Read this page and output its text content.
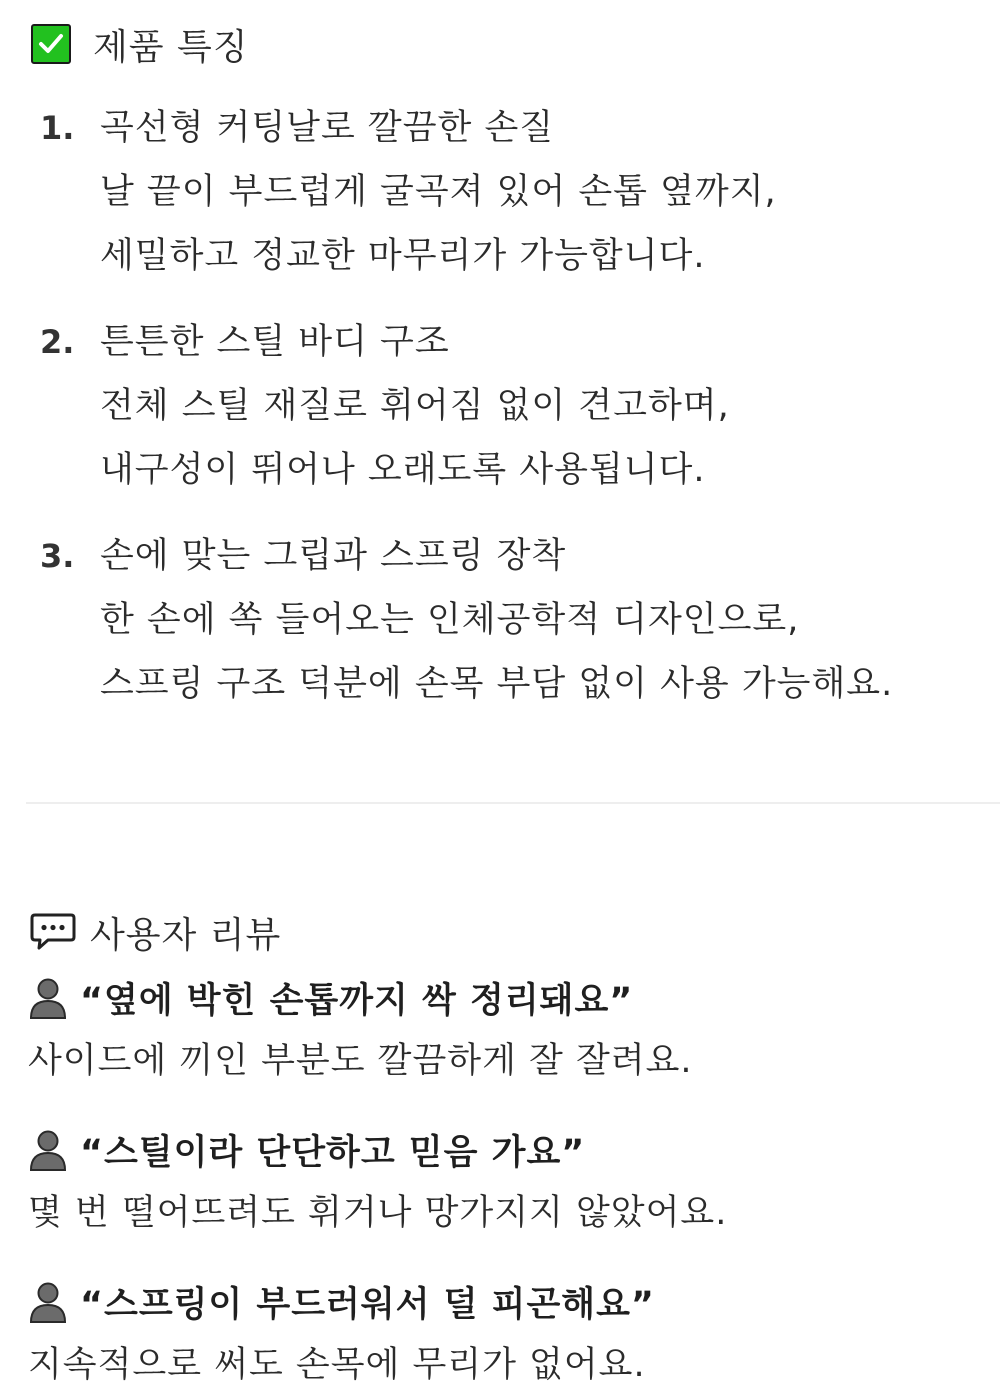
제품 특징
1. 곡선형 커팅날로 깔끔한 손질
날 끝이 부드럽게 굴곡져 있어 손톱 옆까지,
세밀하고 정교한 마무리가 가능합니다.
2. 튼튼한 스틸 바디 구조
전체 스틸 재질로 휘어짐 없이 견고하며,
내구성이 뛰어나 오래도록 사용됩니다.
3. 손에 맞는 그립과 스프링 장착
한 손에 쏙 들어오는 인체공학적 디자인으로,
스프링 구조 덕분에 손목 부담 없이 사용 가능해요.
사용자 리뷰
“옆에 박힌 손톱까지 싹 정리돼요”
사이드에 끼인 부분도 깔끔하게 잘 잘려요.
“스틸이라 단단하고 믿음 가요”
몇 번 떨어뜨려도 휘거나 망가지지 않았어요.
“스프링이 부드러워서 덜 피곤해요”
지속적으로 써도 손목에 무리가 없어요.
